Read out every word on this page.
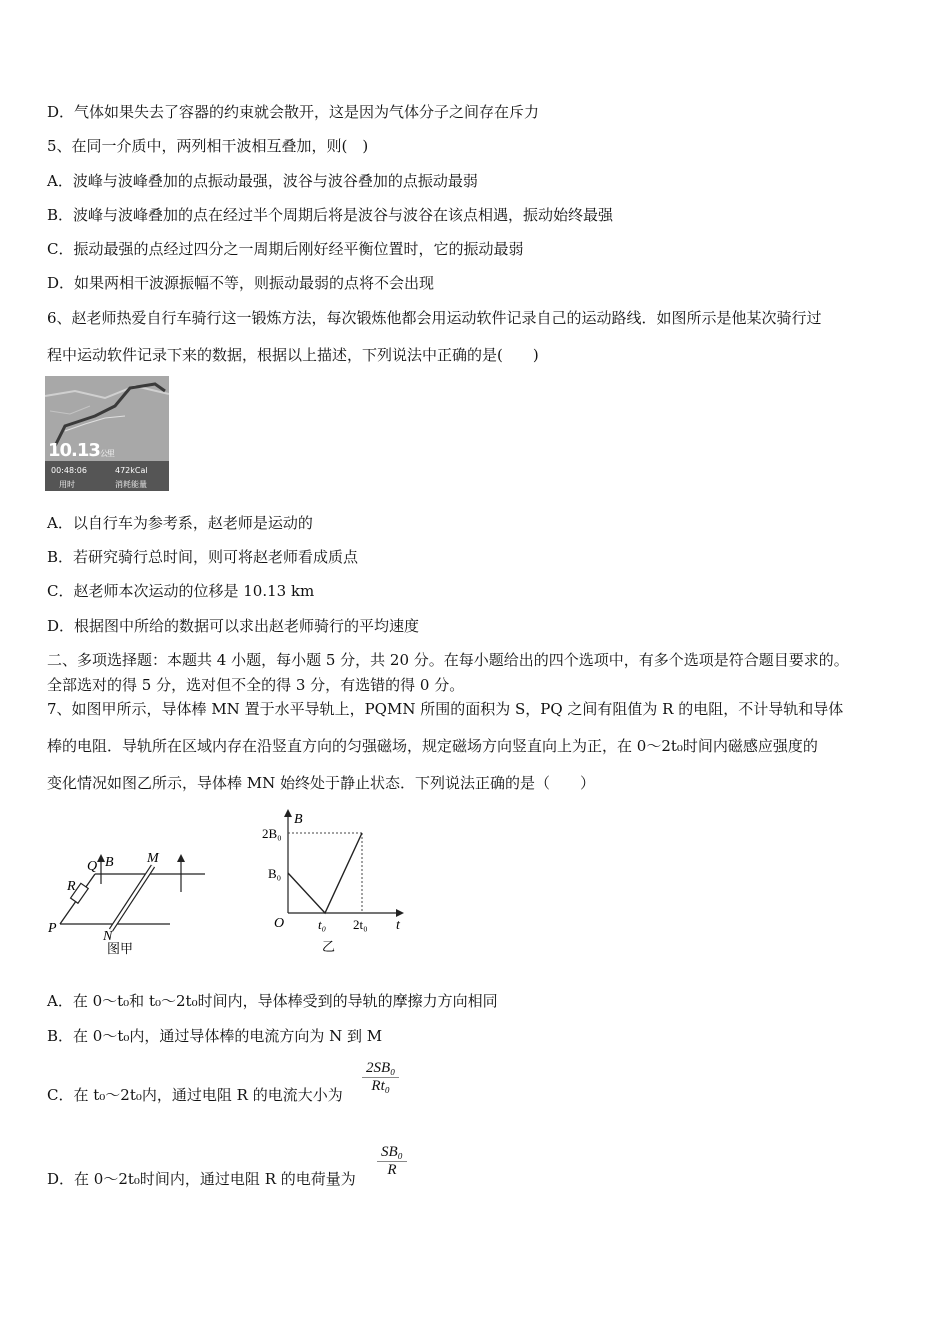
D．气体如果失去了容器的约束就会散开，这是因为气体分子之间存在斥力
5、在同一介质中，两列相干波相互叠加，则(　)
A．波峰与波峰叠加的点振动最强，波谷与波谷叠加的点振动最弱
B．波峰与波峰叠加的点在经过半个周期后将是波谷与波谷在该点相遇，振动始终最强
C．振动最强的点经过四分之一周期后刚好经平衡位置时，它的振动最弱
D．如果两相干波源振幅不等，则振动最弱的点将不会出现
6、赵老师热爱自行车骑行这一锻炼方法，每次锻炼他都会用运动软件记录自己的运动路线．如图所示是他某次骑行过
程中运动软件记录下来的数据，根据以上描述，下列说法中正确的是(　　)
10.13公里
00:48:06	472kCal
用时	消耗能量
A．以自行车为参考系，赵老师是运动的
B．若研究骑行总时间，则可将赵老师看成质点
C．赵老师本次运动的位移是 10.13 km
D．根据图中所给的数据可以求出赵老师骑行的平均速度
二、多项选择题：本题共 4 小题，每小题 5 分，共 20 分。在每小题给出的四个选项中，有多个选项是符合题目要求的。
全部选对的得 5 分，选对但不全的得 3 分，有选错的得 0 分。
7、如图甲所示，导体棒 MN 置于水平导轨上，PQMN 所围的面积为 S，PQ 之间有阻值为 R 的电阻，不计导轨和导体
棒的电阻．导轨所在区域内存在沿竖直方向的匀强磁场，规定磁场方向竖直向上为正，在 0～2t₀时间内磁感应强度的
变化情况如图乙所示，导体棒 MN 始终处于静止状态．下列说法正确的是（　　）
Q B M
R
P
N
图甲
B
t
O
2B₀
B₀
t₀ 2t₀
乙
A．在 0～t₀和 t₀～2t₀时间内，导体棒受到的导轨的摩擦力方向相同
B．在 0～t₀内，通过导体棒的电流方向为 N 到 M
C．在 t₀～2t₀内，通过电阻 R 的电流大小为 $\frac{\text{2SB₀}}{\text{Rt₀}}$
D．在 0～2t₀时间内，通过电阻 R 的电荷量为 $\frac{\text{SB₀}}{R}$
